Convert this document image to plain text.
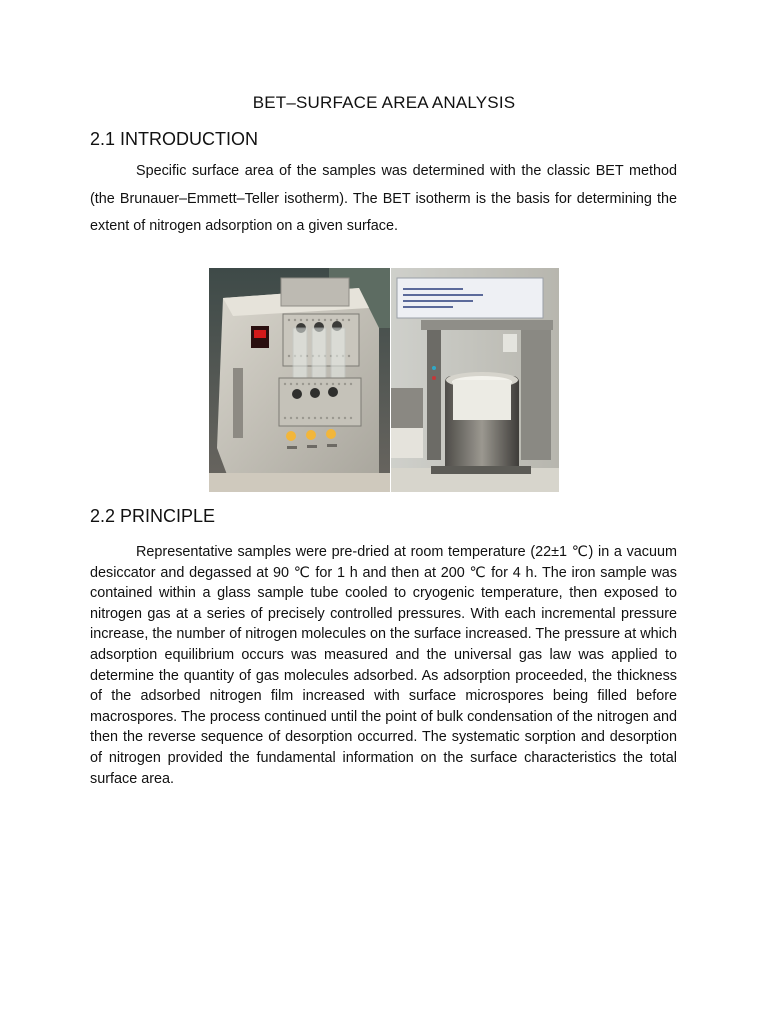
BET–SURFACE AREA ANALYSIS
2.1 INTRODUCTION

Specific surface area of the samples was determined with the classic BET method (the Brunauer–Emmett–Teller isotherm). The BET isotherm is the basis for determining the extent of nitrogen adsorption on a given surface.

2.2 PRINCIPLE

Representative samples were pre-dried at room temperature (22±1 ℃) in a vacuum desiccator and degassed at 90 ℃ for 1 h and then at 200 ℃ for 4 h. The iron sample was contained within a glass sample tube cooled to cryogenic temperature, then exposed to nitrogen gas at a series of precisely controlled pressures. With each incremental pressure increase, the number of nitrogen molecules on the surface increased. The pressure at which adsorption equilibrium occurs was measured and the universal gas law was applied to determine the quantity of gas molecules adsorbed. As adsorption proceeded, the thickness of the adsorbed nitrogen film increased with surface microspores being filled before macrospores. The process continued until the point of bulk condensation of the nitrogen and then the reverse sequence of desorption occurred. The systematic sorption and desorption of nitrogen provided the fundamental information on the surface characteristics the total surface area.
